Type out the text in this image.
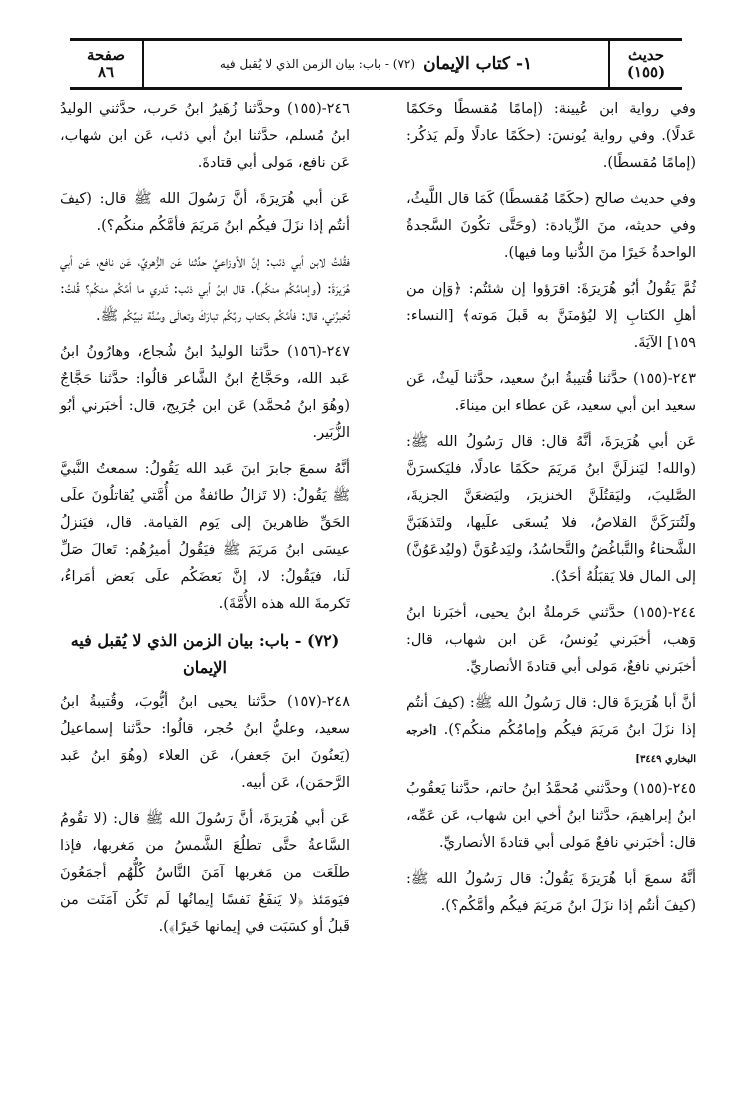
حديث
(١٥٥)
١- كتاب الإيمان
(٧٢) - باب: بيان الزمن الذي لا يُقبل فيه
صفحة
٨٦

وفي رواية ابن عُيينة: (إمامًا مُقسطًا وحَكمًا عَدلًا). وفي رواية يُونسَ: (حكَمًا عادلًا ولَم يَذكُر: (إمامًا مُقسطًا).

وفي حديث صالح (حكَمًا مُقسطًا) كَمَا قال اللَّيثُ، وفي حديثه، منَ الزِّيادة: (وحَتَّى تكُونَ السَّجدةُ الواحدةُ خَيرًا منَ الدُّنيا وما فيها).

ثُمَّ يَقُولُ أبُو هُرَيرَةَ: اقرَؤوا إن شئتُم: ﴿وَإن من أهلِ الكتابِ إلا ليُؤمنَنَّ به قَبلَ مَوته﴾ [النساء: ١٥٩] الآيَةَ.

٢٤٣-(١٥٥) حدَّثنا قُتيبةُ ابنُ سعيد، حدَّثنا لَيثٌ، عَن سعيد ابن أبي سعيد، عَن عطاء ابن ميناءَ.

عَن أبي هُرَيرَةَ، أنَّهُ قال: قال رَسُولُ الله ﷺ: (والله! ليَنزلَنَّ ابنُ مَريَمَ حكَمًا عادلًا، فليَكسرَنَّ الصَّليبَ، وليَقتُلَنَّ الخنزيرَ، وليَضعَنَّ الجزيةَ، ولَتُترَكَنَّ القلاصُ، فلا يُسعَى علَيها، ولتَذهَبَنَّ الشَّحناءُ والتَّباغُضُ والتَّحاسُدُ، وليَدعُوَنَّ (وليُدعَوُنَّ) إلى المال فلا يَقبَلُهُ أحَدٌ).

٢٤٤-(١٥٥) حدَّثني حَرملةُ ابنُ يحيى، أخبَرنا ابنُ وَهب، أخبَرني يُونسُ، عَن ابن شهاب، قال: أخبَرني نافعٌ، مَولى أبي قتادةَ الأنصاريِّ.

أنَّ أبا هُرَيرَةَ قال: قال رَسُولُ الله ﷺ: (كيفَ أنتُم إذا نزَلَ ابنُ مَريَمَ فيكُم وإمامُكُم منكُم؟). [أخرجه البخاري ٣٤٤٩]

٢٤٥-(١٥٥) وحدَّثني مُحمَّدُ ابنُ حاتم، حدَّثنا يَعقُوبُ ابنُ إبراهيمَ، حدَّثنا ابنُ أخي ابن شهاب، عَن عَمِّه، قال: أخبَرني نافعٌ مَولى أبي قتادةَ الأنصاريِّ.

أنَّهُ سمعَ أبا هُرَيرَةَ يَقُولُ: قال رَسُولُ الله ﷺ: (كيفَ أنتُم إذا نزَلَ ابنُ مَريَمَ فيكُم وأمَّكُم؟).

٢٤٦-(١٥٥) وحدَّثنا زُهَيرُ ابنُ حَرب، حدَّثني الوليدُ ابنُ مُسلم، حدَّثنا ابنُ أبي ذئب، عَن ابن شهاب، عَن نافع، مَولى أبي قتادةَ.

عَن أبي هُرَيرَةَ، أنَّ رَسُولَ الله ﷺ قال: (كيفَ أنتُم إذا نزَلَ فيكُم ابنُ مَريَمَ فأمَّكُم منكُم؟).

فقُلتُ لابن أبي ذئب: إنَّ الأوزاعيَّ حدَّثنا عَن الزُّهريِّ، عَن نافع، عَن أبي هُرَيرَةَ: (وإمامُكُم منكُم). قال ابنُ أبي ذئب: تَدري ما أمَّكُم منكُم؟ قُلتُ: تُخبرُني، قال: فأمَّكُم بكتاب ربِّكُم تبارَكَ وتعالَى وسُنَّة نبيِّكُم ﷺ.

٢٤٧-(١٥٦) حدَّثنا الوليدُ ابنُ شُجاع، وهارُونُ ابنُ عَبد الله، وحَجَّاجُ ابنُ الشَّاعر قالُوا: حدَّثنا حَجَّاجٌ (وهُوَ ابنُ مُحمَّد) عَن ابن جُرَيج، قال: أخبَرني أبُو الزُّبَير.

أنَّهُ سمعَ جابرَ ابنَ عَبد الله يَقُولُ: سمعتُ النَّبيَّ ﷺ يَقُولُ: (لا تَزالُ طائفةٌ من أُمَّتي يُقاتلُونَ علَى الحَقِّ ظاهرينَ إلى يَوم القيامة. قال، فيَنزلُ عيسَى ابنُ مَريَمَ ﷺ فيَقُولُ أميرُهُم: تَعالَ صَلِّ لَنا، فيَقُولُ: لا، إنَّ بَعضَكُم علَى بَعض أمَراءُ، تَكرمةَ الله هذه الأُمَّةَ).

(٧٢) - باب: بيان الزمن الذي لا يُقبل فيه الإيمان

٢٤٨-(١٥٧) حدَّثنا يحيى ابنُ أيُّوبَ، وقُتيبةُ ابنُ سعيد، وعليُّ ابنُ حُجر، قالُوا: حدَّثنا إسماعيلُ (يَعنُونَ ابنَ جَعفر)، عَن العلاء (وهُوَ ابنُ عَبد الرَّحمَن)، عَن أبيه.

عَن أبي هُرَيرَةَ، أنَّ رَسُولَ الله ﷺ قال: (لا تقُومُ السَّاعةُ حتَّى تطلُعَ الشَّمسُ من مَغربها، فإذا طلَعَت من مَغربها آمَنَ النَّاسُ كُلُّهُم أجمَعُونَ فيَومَئذ ﴿لا يَنفَعُ نَفسًا إيمانُها لَم تَكُن آمَنَت من قَبلُ أو كسَبَت في إيمانها خَيرًا﴾).
